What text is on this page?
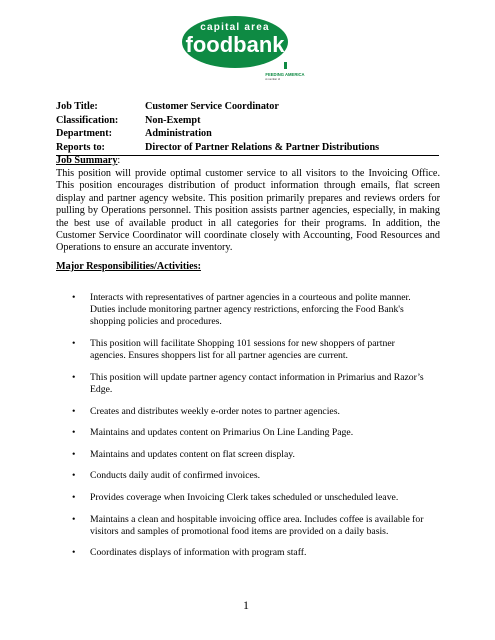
capital area
foodbank
A member of
FEEDING AMERICA
Job Title:	Customer Service Coordinator
Classification:	Non-Exempt
Department:	Administration
Reports to:	Director of Partner Relations & Partner Distributions
Job Summary:
This position will provide optimal customer service to all visitors to the Invoicing Office. This position encourages distribution of product information through emails, flat screen display and partner agency website. This position primarily prepares and reviews orders for pulling by Operations personnel. This position assists partner agencies, especially, in making the best use of available product in all categories for their programs. In addition, the Customer Service Coordinator will coordinate closely with Accounting, Food Resources and Operations to ensure an accurate inventory.
Major Responsibilities/Activities:
• Interacts with representatives of partner agencies in a courteous and polite manner. Duties include monitoring partner agency restrictions, enforcing the Food Bank's shopping policies and procedures.
• This position will facilitate Shopping 101 sessions for new shoppers of partner agencies. Ensures shoppers list for all partner agencies are current.
• This position will update partner agency contact information in Primarius and Razor’s Edge.
• Creates and distributes weekly e-order notes to partner agencies.
• Maintains and updates content on Primarius On Line Landing Page.
• Maintains and updates content on flat screen display.
• Conducts daily audit of confirmed invoices.
• Provides coverage when Invoicing Clerk takes scheduled or unscheduled leave.
• Maintains a clean and hospitable invoicing office area. Includes coffee is available for visitors and samples of promotional food items are provided on a daily basis.
• Coordinates displays of information with program staff.
1
